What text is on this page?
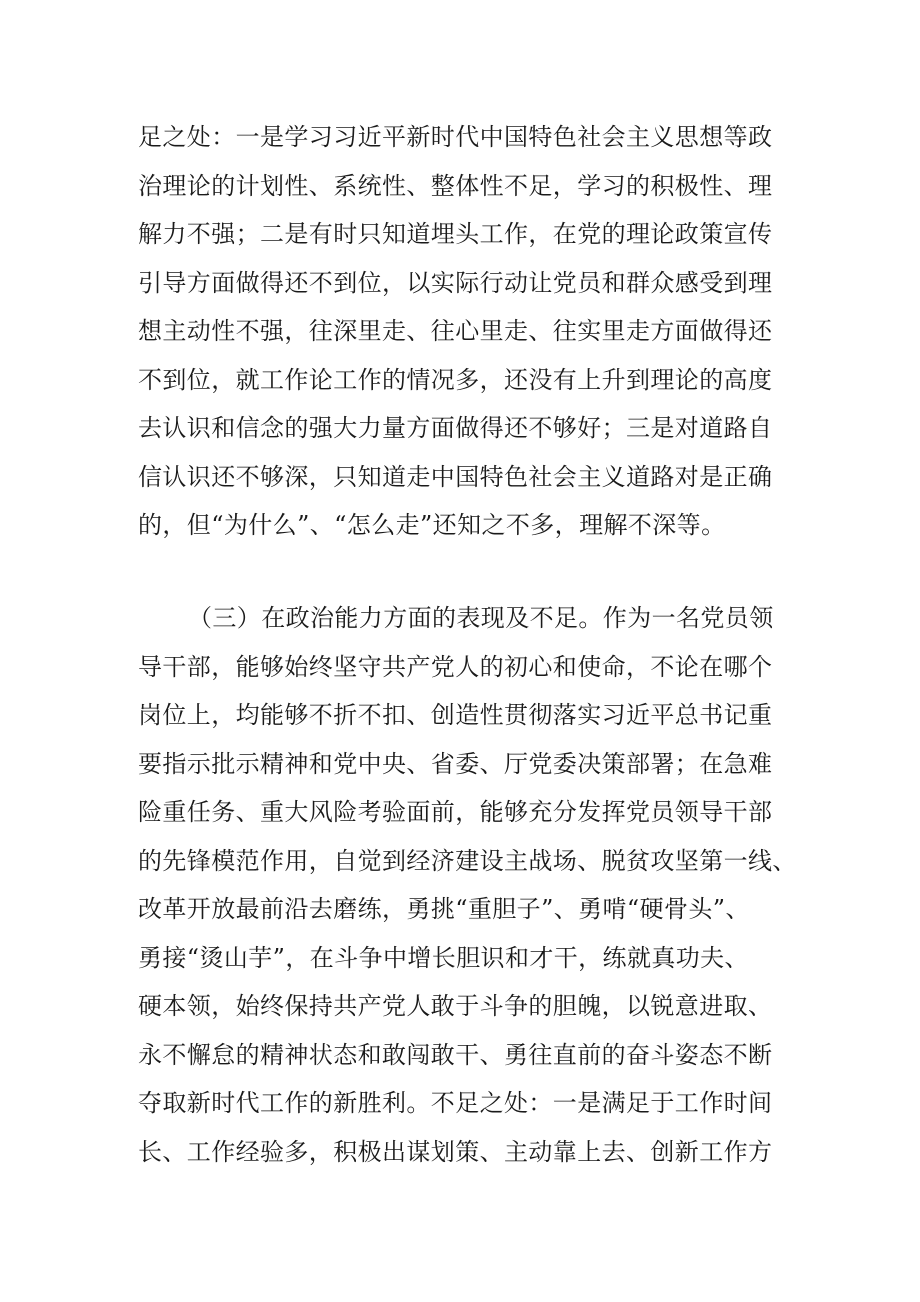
足之处：一是学习习近平新时代中国特色社会主义思想等政
治理论的计划性、系统性、整体性不足，学习的积极性、理
解力不强；二是有时只知道埋头工作，在党的理论政策宣传
引导方面做得还不到位，以实际行动让党员和群众感受到理
想主动性不强，往深里走、往心里走、往实里走方面做得还
不到位，就工作论工作的情况多，还没有上升到理论的高度
去认识和信念的强大力量方面做得还不够好；三是对道路自
信认识还不够深，只知道走中国特色社会主义道路对是正确
的，但“为什么”、“怎么走”还知之不多，理解不深等。
（三）在政治能力方面的表现及不足。作为一名党员领
导干部，能够始终坚守共产党人的初心和使命，不论在哪个
岗位上，均能够不折不扣、创造性贯彻落实习近平总书记重
要指示批示精神和党中央、省委、厅党委决策部署；在急难
险重任务、重大风险考验面前，能够充分发挥党员领导干部
的先锋模范作用，自觉到经济建设主战场、脱贫攻坚第一线、
改革开放最前沿去磨练，勇挑“重胆子”、勇啃“硬骨头”、
勇接“烫山芋”，在斗争中增长胆识和才干，练就真功夫、
硬本领，始终保持共产党人敢于斗争的胆魄，以锐意进取、
永不懈怠的精神状态和敢闯敢干、勇往直前的奋斗姿态不断
夺取新时代工作的新胜利。不足之处：一是满足于工作时间
长、工作经验多，积极出谋划策、主动靠上去、创新工作方
